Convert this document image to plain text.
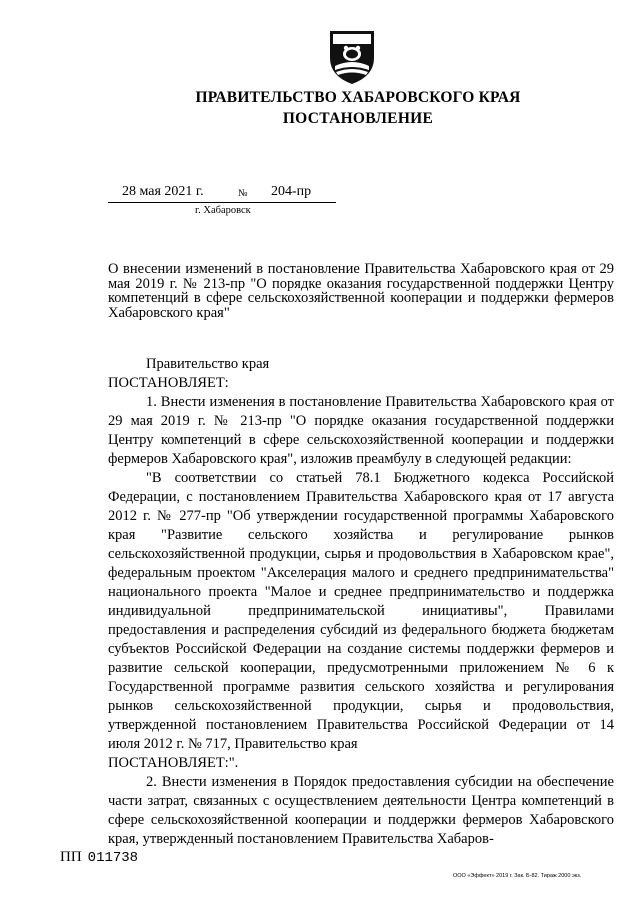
ПРАВИТЕЛЬСТВО ХАБАРОВСКОГО КРАЯ
ПОСТАНОВЛЕНИЕ
28 мая 2021 г.	№ 204-пр
г. Хабаровск
О внесении изменений в постановление Правительства Хабаровского края от 29 мая 2019 г. № 213-пр "О порядке оказания государственной поддержки Центру компетенций в сфере сельскохозяйственной кооперации и поддержки фермеров Хабаровского края"

Правительство края

ПОСТАНОВЛЯЕТ:

1. Внести изменения в постановление Правительства Хабаровского края от 29 мая 2019 г. № 213-пр "О порядке оказания государственной поддержки Центру компетенций в сфере сельскохозяйственной кооперации и поддержки фермеров Хабаровского края", изложив преамбулу в следующей редакции:

"В соответствии со статьей 78.1 Бюджетного кодекса Российской Федерации, с постановлением Правительства Хабаровского края от 17 августа 2012 г. № 277-пр "Об утверждении государственной программы Хабаровского края "Развитие сельского хозяйства и регулирование рынков сельскохозяйственной продукции, сырья и продовольствия в Хабаровском крае", федеральным проектом "Акселерация малого и среднего предпринимательства" национального проекта "Малое и среднее предпринимательство и поддержка индивидуальной предпринимательской инициативы", Правилами предоставления и распределения субсидий из федерального бюджета бюджетам субъектов Российской Федерации на создание системы поддержки фермеров и развитие сельской кооперации, предусмотренными приложением № 6 к Государственной программе развития сельского хозяйства и регулирования рынков сельскохозяйственной продукции, сырья и продовольствия, утвержденной постановлением Правительства Российской Федерации от 14 июля 2012 г. № 717, Правительство края

ПОСТАНОВЛЯЕТ:".

2. Внести изменения в Порядок предоставления субсидии на обеспечение части затрат, связанных с осуществлением деятельности Центра компетенций в сфере сельскохозяйственной кооперации и поддержки фермеров Хабаровского края, утвержденный постановлением Правительства Хабаров-

ПП 011738
ООО «Эффект» 2019 г. Зак. Б-82. Тираж 2000 экз.
